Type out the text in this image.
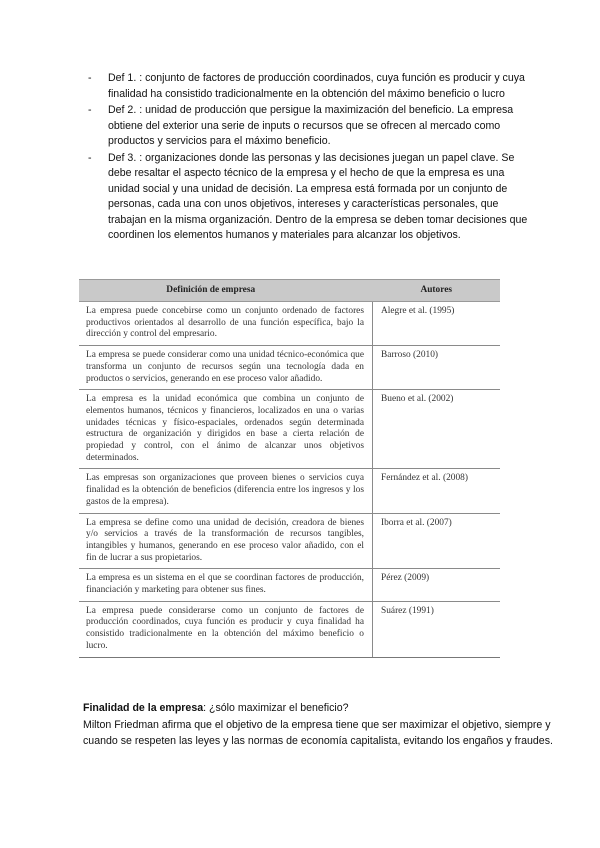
- Def 1. : conjunto de factores de producción coordinados, cuya función es producir y cuya finalidad ha consistido tradicionalmente en la obtención del máximo beneficio o lucro
- Def 2. : unidad de producción que persigue la maximización del beneficio. La empresa obtiene del exterior una serie de inputs o recursos que se ofrecen al mercado como productos y servicios para el máximo beneficio.
- Def 3. : organizaciones donde las personas y las decisiones juegan un papel clave. Se debe resaltar el aspecto técnico de la empresa y el hecho de que la empresa es una unidad social y una unidad de decisión. La empresa está formada por un conjunto de personas, cada una con unos objetivos, intereses y características personales, que trabajan en la misma organización. Dentro de la empresa se deben tomar decisiones que coordinen los elementos humanos y materiales para alcanzar los objetivos.
Definición de empresa	Autores
La empresa puede concebirse como un conjunto ordenado de factores productivos orientados al desarrollo de una función específica, bajo la dirección y control del empresario.	Alegre et al. (1995)
La empresa se puede considerar como una unidad técnico-económica que transforma un conjunto de recursos según una tecnología dada en productos o servicios, generando en ese proceso valor añadido.	Barroso (2010)
La empresa es la unidad económica que combina un conjunto de elementos humanos, técnicos y financieros, localizados en una o varias unidades técnicas y físico-espaciales, ordenados según determinada estructura de organización y dirigidos en base a cierta relación de propiedad y control, con el ánimo de alcanzar unos objetivos determinados.	Bueno et al. (2002)
Las empresas son organizaciones que proveen bienes o servicios cuya finalidad es la obtención de beneficios (diferencia entre los ingresos y los gastos de la empresa).	Fernández et al. (2008)
La empresa se define como una unidad de decisión, creadora de bienes y/o servicios a través de la transformación de recursos tangibles, intangibles y humanos, generando en ese proceso valor añadido, con el fin de lucrar a sus propietarios.	Iborra et al. (2007)
La empresa es un sistema en el que se coordinan factores de producción, financiación y marketing para obtener sus fines.	Pérez (2009)
La empresa puede considerarse como un conjunto de factores de producción coordinados, cuya función es producir y cuya finalidad ha consistido tradicionalmente en la obtención del máximo beneficio o lucro.	Suárez (1991)

Finalidad de la empresa: ¿sólo maximizar el beneficio?

Milton Friedman afirma que el objetivo de la empresa tiene que ser maximizar el objetivo, siempre y cuando se respeten las leyes y las normas de economía capitalista, evitando los engaños y fraudes.
